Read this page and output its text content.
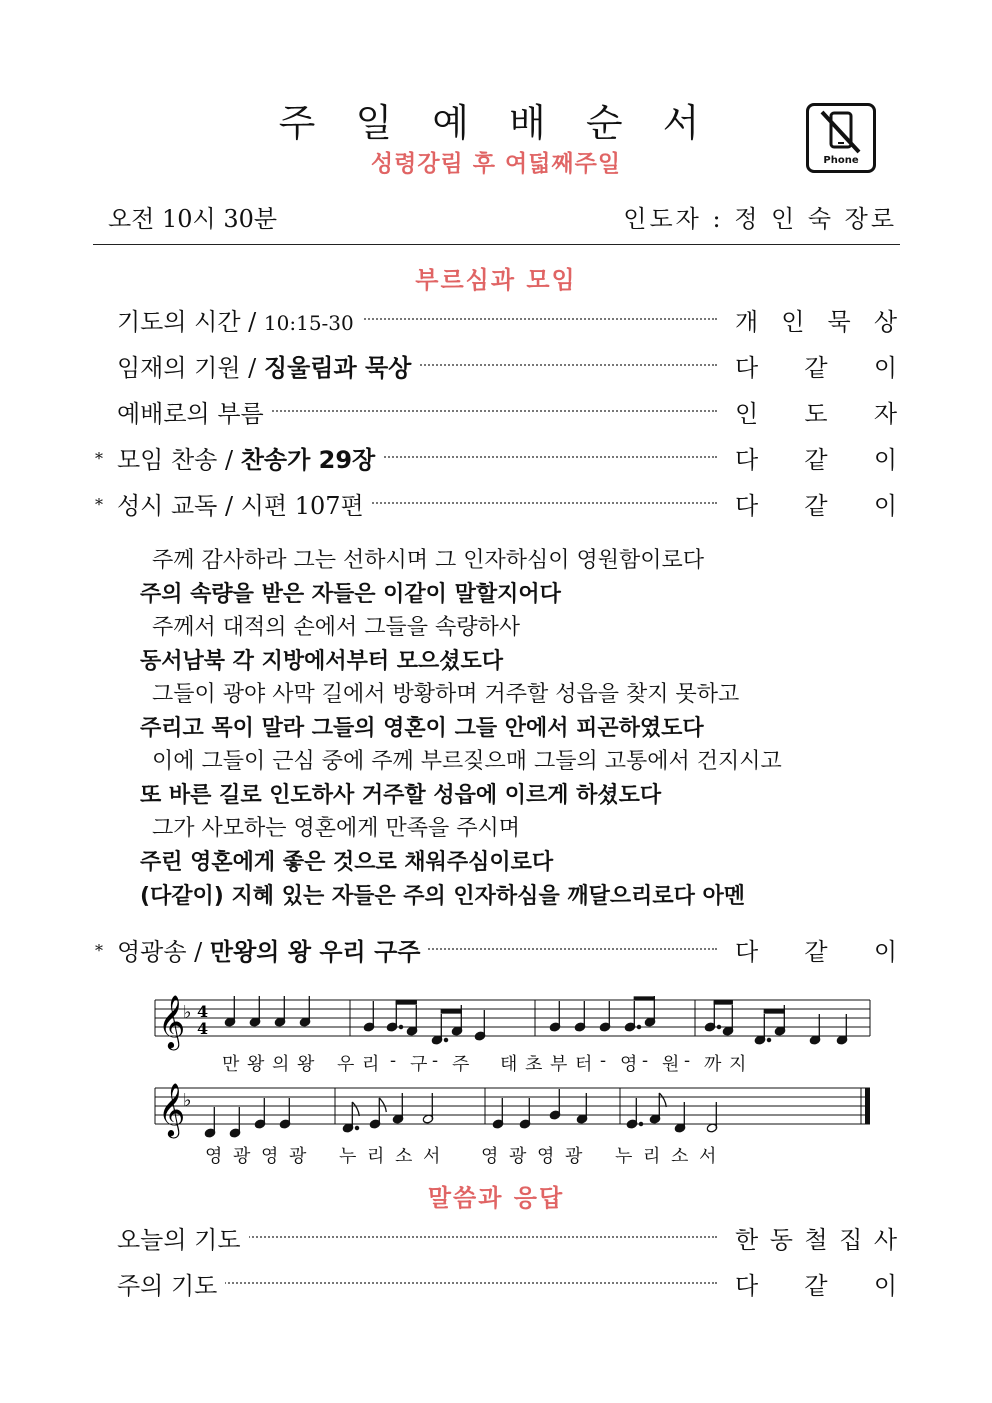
주 일 예 배 순 서
성령강림 후 여덟째주일	Phone
오전 10시 30분	인도자 : 정 인 숙 장로
부르심과 모임
기도의 시간 / 10:15-30	개 인 묵 상
임재의 기원 / 징울림과 묵상	다 같 이
예배로의 부름	인 도 자
* 모임 찬송 / 찬송가 29장	다 같 이
* 성시 교독 / 시편 107편	다 같 이
주께 감사하라 그는 선하시며 그 인자하심이 영원함이로다
주의 속량을 받은 자들은 이같이 말할지어다
주께서 대적의 손에서 그들을 속량하사
동서남북 각 지방에서부터 모으셨도다
그들이 광야 사막 길에서 방황하며 거주할 성읍을 찾지 못하고
주리고 목이 말라 그들의 영혼이 그들 안에서 피곤하였도다
이에 그들이 근심 중에 주께 부르짖으매 그들의 고통에서 건지시고
또 바른 길로 인도하사 거주할 성읍에 이르게 하셨도다
그가 사모하는 영혼에게 만족을 주시며
주린 영혼에게 좋은 것으로 채워주심이로다
(다같이) 지혜 있는 자들은 주의 인자하심을 깨달으리로다 아멘
* 영광송 / 만왕의 왕 우리 구주	다 같 이
𝄞
♭ 4
4
만 왕 의 왕 우 리 - 구 - 주 태 초 부 터 - 영 - 원 - 까 지
𝄞
♭
영 광 영 광 누 리 소 서 영 광 영 광 누 리 소 서
말씀과 응답
오늘의 기도	한 동 철 집 사
주의 기도	다 같 이
